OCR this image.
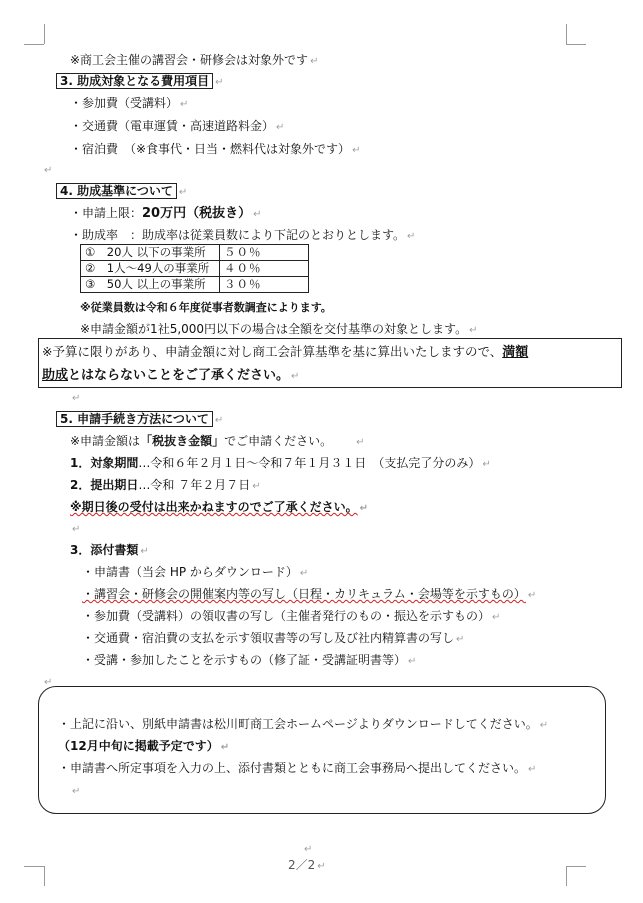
※商工会主催の講習会・研修会は対象外です ↵
3. 助成対象となる費用項目 ↵
・参加費（受講料） ↵
・交通費（電車運賃・高速道路料金） ↵
・宿泊費　（※食事代・日当・燃料代は対象外です） ↵
↵
4. 助成基準について ↵
・申請上限：20万円（税抜き） ↵
・助成率　：助成率は従業員数により下記のとおりとします。 ↵
①　20人 以下の事業所	５０％
②　1人～49人の事業所	４０％
③　50人 以上の事業所	３０％
※従業員数は令和６年度従事者数調査によります。
※申請金額が1社5,000円以下の場合は全額を交付基準の対象とします。 ↵
※予算に限りがあり、申請金額に対し商工会計算基準を基に算出いたしますので、満額
助成とはならないことをご了承ください。 ↵
↵
5. 申請手続き方法について ↵
※申請金額は「税抜き金額」でご申請ください。 ↵
1．対象期間…令和６年２月１日～令和７年１月３１日　（支払完了分のみ） ↵
2．提出期日…令和 ７年２月７日 ↵
※期日後の受付は出来かねますのでご了承ください。 ↵
↵
3．添付書類 ↵
・申請書（当会 HP からダウンロード） ↵
・講習会・研修会の開催案内等の写し（日程・カリキュラム・会場等を示すもの） ↵
・参加費（受講料）の領収書の写し（主催者発行のもの・振込を示すもの） ↵
・交通費・宿泊費の支払を示す領収書等の写し及び社内精算書の写し ↵
・受講・参加したことを示すもの（修了証・受講証明書等） ↵
↵
・上記に沿い、別紙申請書は松川町商工会ホームページよりダウンロードしてください。 ↵
（12月中旬に掲載予定です） ↵
・申請書へ所定事項を入力の上、添付書類とともに商工会事務局へ提出してください。 ↵
↵
↵
2／2 ↵
